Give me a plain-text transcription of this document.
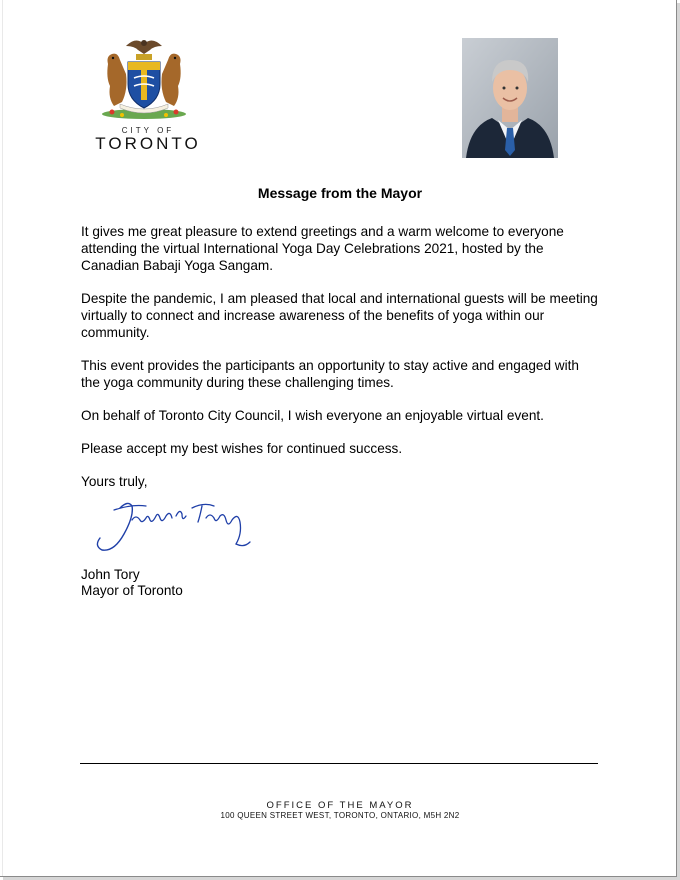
CITY OF
TORONTO
Message from the Mayor

It gives me great pleasure to extend greetings and a warm welcome to everyone attending the virtual International Yoga Day Celebrations 2021, hosted by the Canadian Babaji Yoga Sangam.

Despite the pandemic, I am pleased that local and international guests will be meeting virtually to connect and increase awareness of the benefits of yoga within our community.

This event provides the participants an opportunity to stay active and engaged with the yoga community during these challenging times.

On behalf of Toronto City Council, I wish everyone an enjoyable virtual event.

Please accept my best wishes for continued success.

Yours truly,

John Tory
Mayor of Toronto
OFFICE OF THE MAYOR
100 QUEEN STREET WEST, TORONTO, ONTARIO, M5H 2N2
